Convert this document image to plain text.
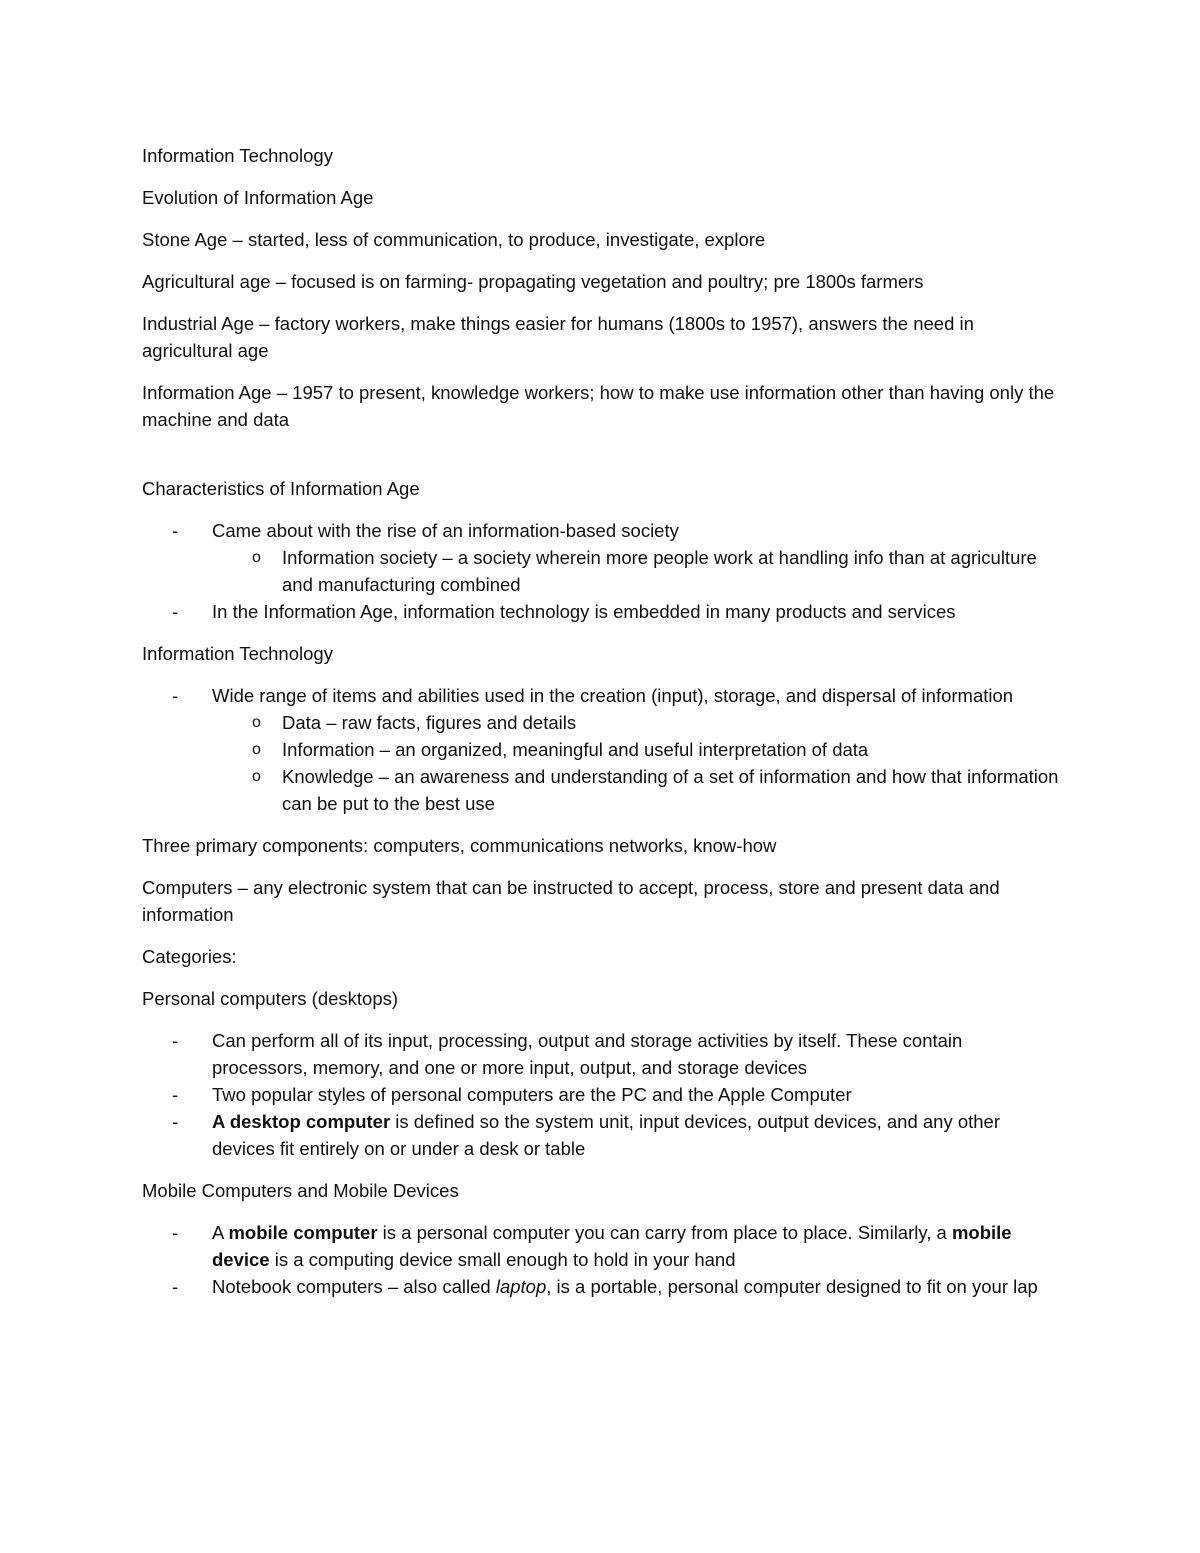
Information Technology

Evolution of Information Age

Stone Age – started, less of communication, to produce, investigate, explore

Agricultural age – focused is on farming- propagating vegetation and poultry; pre 1800s farmers

Industrial Age – factory workers, make things easier for humans (1800s to 1957), answers the need in agricultural age

Information Age – 1957 to present, knowledge workers; how to make use information other than having only the machine and data

Characteristics of Information Age

- Came about with the rise of an information-based society
o Information society – a society wherein more people work at handling info than at agriculture and manufacturing combined
- In the Information Age, information technology is embedded in many products and services

Information Technology

- Wide range of items and abilities used in the creation (input), storage, and dispersal of information
o Data – raw facts, figures and details
o Information – an organized, meaningful and useful interpretation of data
o Knowledge – an awareness and understanding of a set of information and how that information can be put to the best use

Three primary components: computers, communications networks, know-how

Computers – any electronic system that can be instructed to accept, process, store and present data and information

Categories:

Personal computers (desktops)

- Can perform all of its input, processing, output and storage activities by itself. These contain processors, memory, and one or more input, output, and storage devices
- Two popular styles of personal computers are the PC and the Apple Computer
- A desktop computer is defined so the system unit, input devices, output devices, and any other devices fit entirely on or under a desk or table

Mobile Computers and Mobile Devices

- A mobile computer is a personal computer you can carry from place to place. Similarly, a mobile device is a computing device small enough to hold in your hand
- Notebook computers – also called laptop, is a portable, personal computer designed to fit on your lap
